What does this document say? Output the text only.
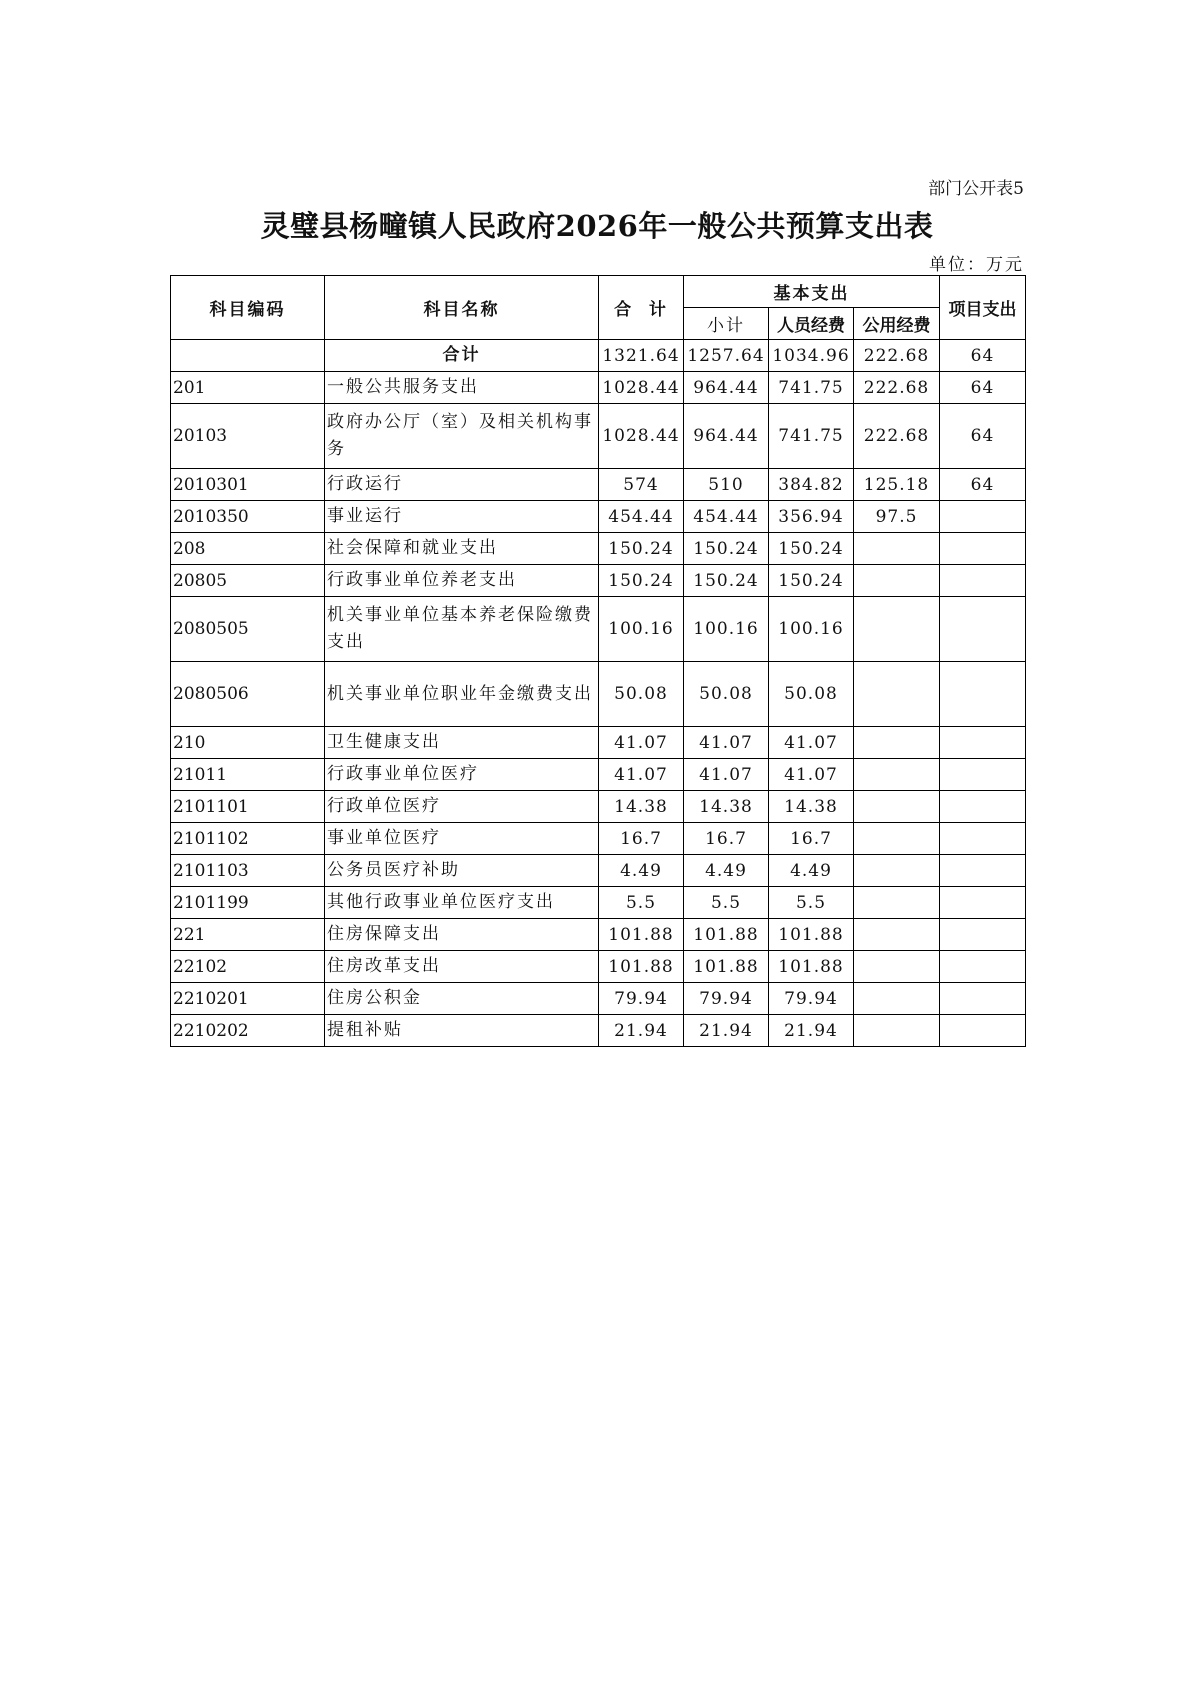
部门公开表5
灵璧县杨疃镇人民政府2026年一般公共预算支出表
单位：万元
科目编码	科目名称	合  计	基本支出			项目支出
			小计	人员经费	公用经费	
	合计	1321.64	1257.64	1034.96	222.68	64
201	一般公共服务支出	1028.44	964.44	741.75	222.68	64
20103	政府办公厅（室）及相关机构事务	1028.44	964.44	741.75	222.68	64
2010301	行政运行	574	510	384.82	125.18	64
2010350	事业运行	454.44	454.44	356.94	97.5	
208	社会保障和就业支出	150.24	150.24	150.24		
20805	行政事业单位养老支出	150.24	150.24	150.24		
2080505	机关事业单位基本养老保险缴费支出	100.16	100.16	100.16		
2080506	机关事业单位职业年金缴费支出	50.08	50.08	50.08		
210	卫生健康支出	41.07	41.07	41.07		
21011	行政事业单位医疗	41.07	41.07	41.07		
2101101	行政单位医疗	14.38	14.38	14.38		
2101102	事业单位医疗	16.7	16.7	16.7		
2101103	公务员医疗补助	4.49	4.49	4.49		
2101199	其他行政事业单位医疗支出	5.5	5.5	5.5		
221	住房保障支出	101.88	101.88	101.88		
22102	住房改革支出	101.88	101.88	101.88		
2210201	住房公积金	79.94	79.94	79.94		
2210202	提租补贴	21.94	21.94	21.94		
